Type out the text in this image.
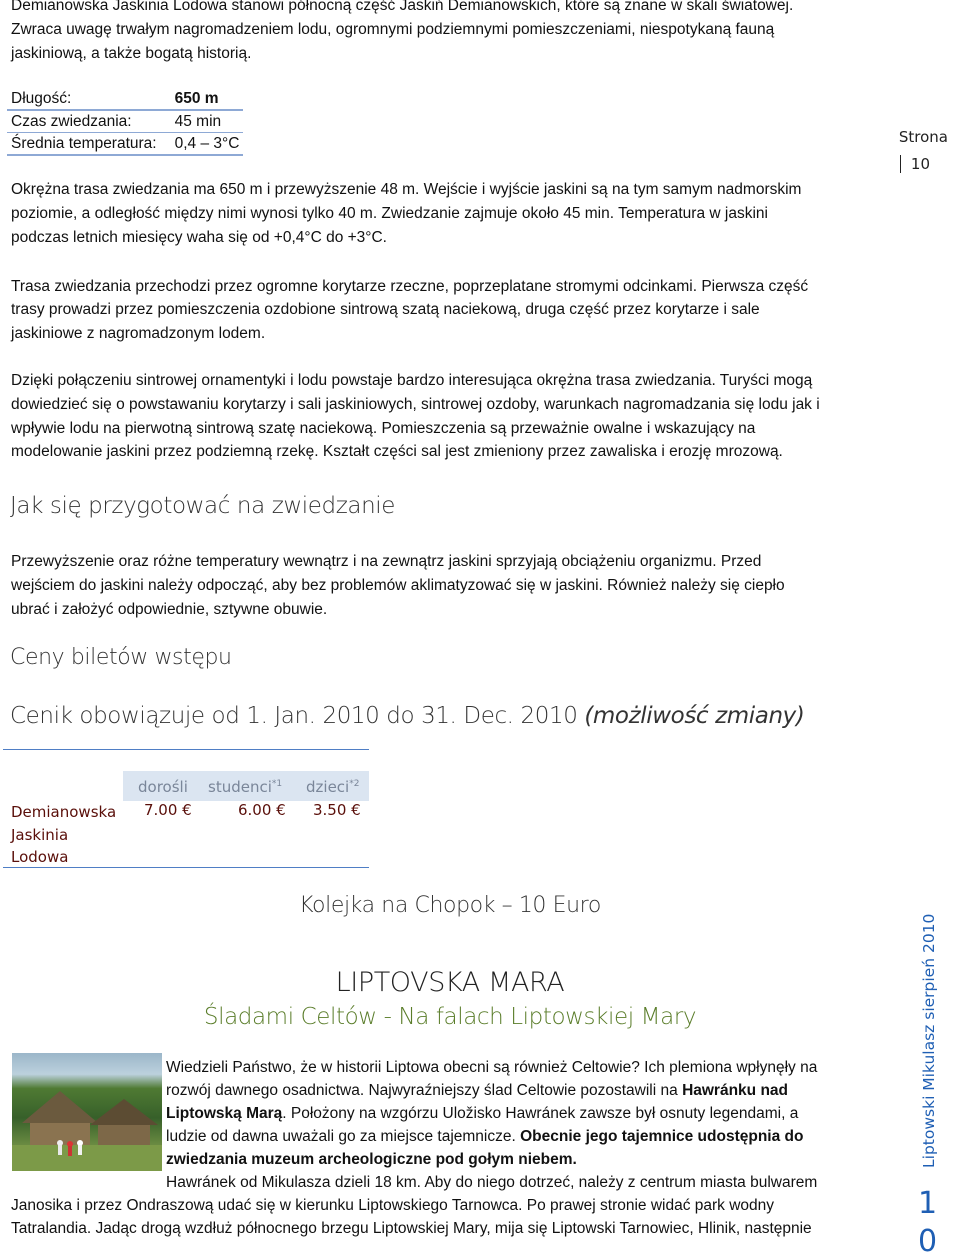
Demianowska Jaskinia Lodowa stanowi północną część Jaskiń Demianowskich, które są znane w skali światowej.

Zwraca uwagę trwałym nagromadzeniem lodu, ogromnymi podziemnymi pomieszczeniami, niespotykaną fauną

jaskiniową, a także bogatą historią.

Długość:	650 m
Czas zwiedzania:	45 min
Średnia temperatura:	0,4 – 3°C	Strona
10

Okrężna trasa zwiedzania ma 650 m i przewyższenie 48 m. Wejście i wyjście jaskini są na tym samym nadmorskim

poziomie, a odległość między nimi wynosi tylko 40 m. Zwiedzanie zajmuje około 45 min. Temperatura w jaskini

podczas letnich miesięcy waha się od +0,4°C do +3°C.

Trasa zwiedzania przechodzi przez ogromne korytarze rzeczne, poprzeplatane stromymi odcinkami. Pierwsza część

trasy prowadzi przez pomieszczenia ozdobione sintrową szatą naciekową, druga część przez korytarze i sale

jaskiniowe z nagromadzonym lodem.

Dzięki połączeniu sintrowej ornamentyki i lodu powstaje bardzo interesująca okrężna trasa zwiedzania. Turyści mogą

dowiedzieć się o powstawaniu korytarzy i sali jaskiniowych, sintrowej ozdoby, warunkach nagromadzania się lodu jak i

wpływie lodu na pierwotną sintrową szatę naciekową. Pomieszczenia są przeważnie owalne i wskazujący na

modelowanie jaskini przez podziemną rzekę. Kształt części sal jest zmieniony przez zawaliska i erozję mrozową.

Jak się przygotować na zwiedzanie

Przewyższenie oraz różne temperatury wewnątrz i na zewnątrz jaskini sprzyjają obciążeniu organizmu. Przed

wejściem do jaskini należy odpocząć, aby bez problemów aklimatyzować się w jaskini. Również należy się ciepło

ubrać i założyć odpowiednie, sztywne obuwie.

Ceny biletów wstępu
Cenik obowiązuje od 1. Jan. 2010 do 31. Dec. 2010 (możliwość zmiany)
dorośli studenci$^{*1}$ dzieci$^{*2}$
Demianowska
Jaskinia
Lodowa
7.00 €	6.00 € 3.50 €
Kolejka na Chopok – 10 Euro
LIPTOVSKA MARA
Śladami Celtów - Na falach Liptowskiej Mary
Wiedzieli Państwo, że w historii Liptowa obecni są również Celtowie? Ich plemiona wpłynęły na
rozwój dawnego osadnictwa. Najwyraźniejszy ślad Celtowie pozostawili na Hawránku nad
Liptowską Marą. Położony na wzgórzu Uložisko Hawránek zawsze był osnuty legendami, a
ludzie od dawna uważali go za miejsce tajemnicze. Obecnie jego tajemnice udostępnia do
zwiedzania muzeum archeologiczne pod gołym niebem.
Hawránek od Mikulasza dzieli 18 km. Aby do niego dotrzeć, należy z centrum miasta bulwarem

Janosika i przez Ondraszową udać się w kierunku Liptowskiego Tarnowca. Po prawej stronie widać park wodny

Tatralandia. Jadąc drogą wzdłuż północnego brzegu Liptowskiej Mary, mija się Liptowski Tarnowiec, Hlinik, następnie

Liptowski Mikulasz sierpień 2010
1
0
